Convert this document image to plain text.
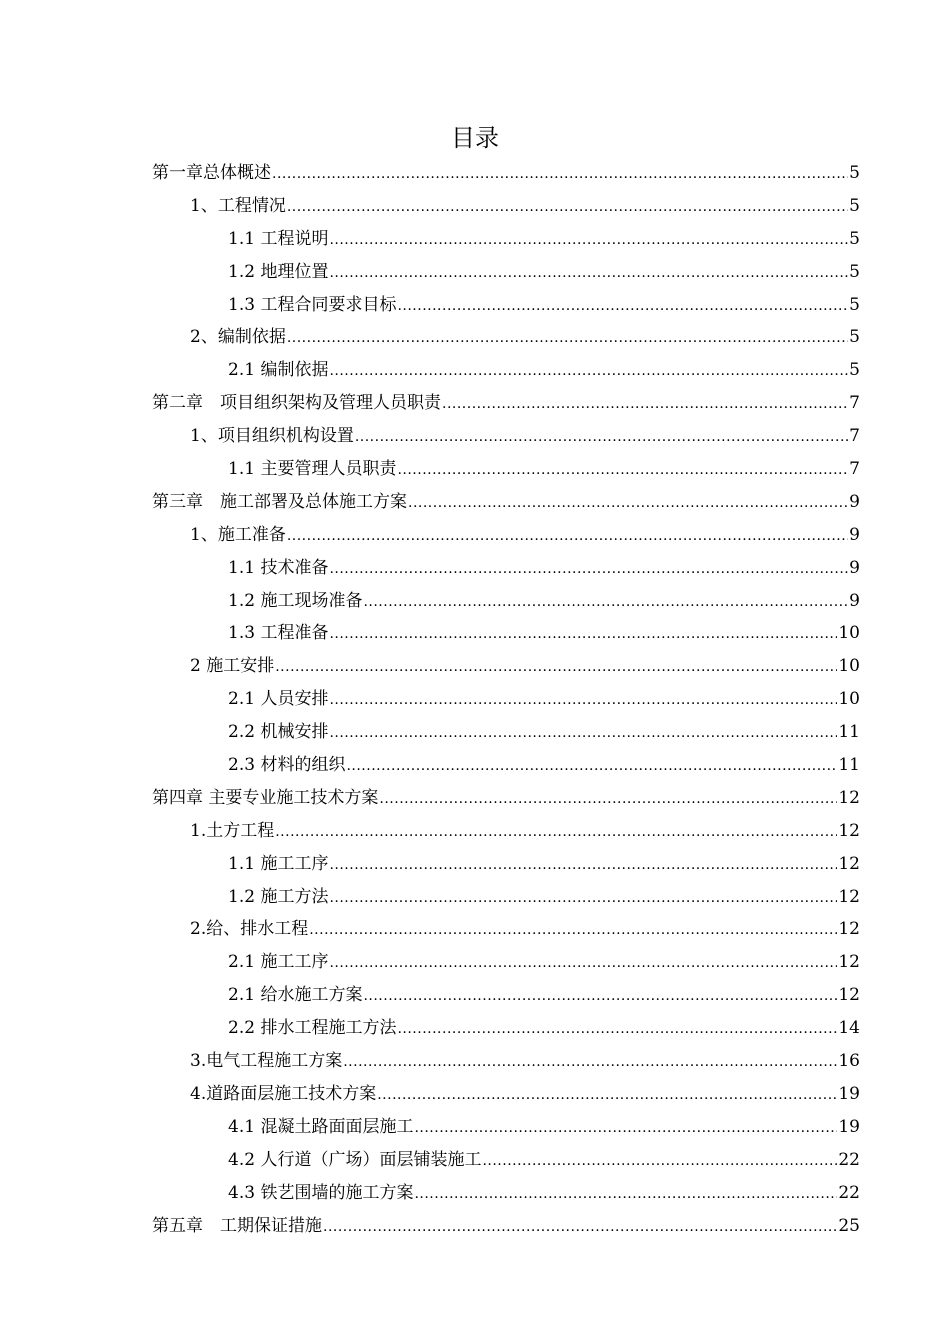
目录
第一章总体概述 .....	5
1、工程情况 .....	5
1.1 工程说明 .....	5
1.2 地理位置 .....	5
1.3 工程合同要求目标 .....	5
2、编制依据 .....	5
2.1 编制依据 .....	5
第二章　项目组织架构及管理人员职责 .....	7
1、项目组织机构设置 .....	7
1.1 主要管理人员职责 .....	7
第三章　施工部署及总体施工方案 .....	9
1、施工准备 .....	9
1.1 技术准备 .....	9
1.2 施工现场准备 .....	9
1.3 工程准备 .....	10
2 施工安排 .....	10
2.1 人员安排 .....	10
2.2 机械安排 .....	11
2.3 材料的组织 .....	11
第四章 主要专业施工技术方案 .....	12
1.土方工程 .....	12
1.1 施工工序 .....	12
1.2 施工方法 .....	12
2.给、排水工程 .....	12
2.1 施工工序 .....	12
2.1 给水施工方案 .....	12
2.2 排水工程施工方法 .....	14
3.电气工程施工方案 .....	16
4.道路面层施工技术方案 .....	19
4.1 混凝土路面面层施工 .....	19
4.2 人行道（广场）面层铺装施工 .....	22
4.3 铁艺围墙的施工方案 .....	22
第五章　工期保证措施 .....	25
